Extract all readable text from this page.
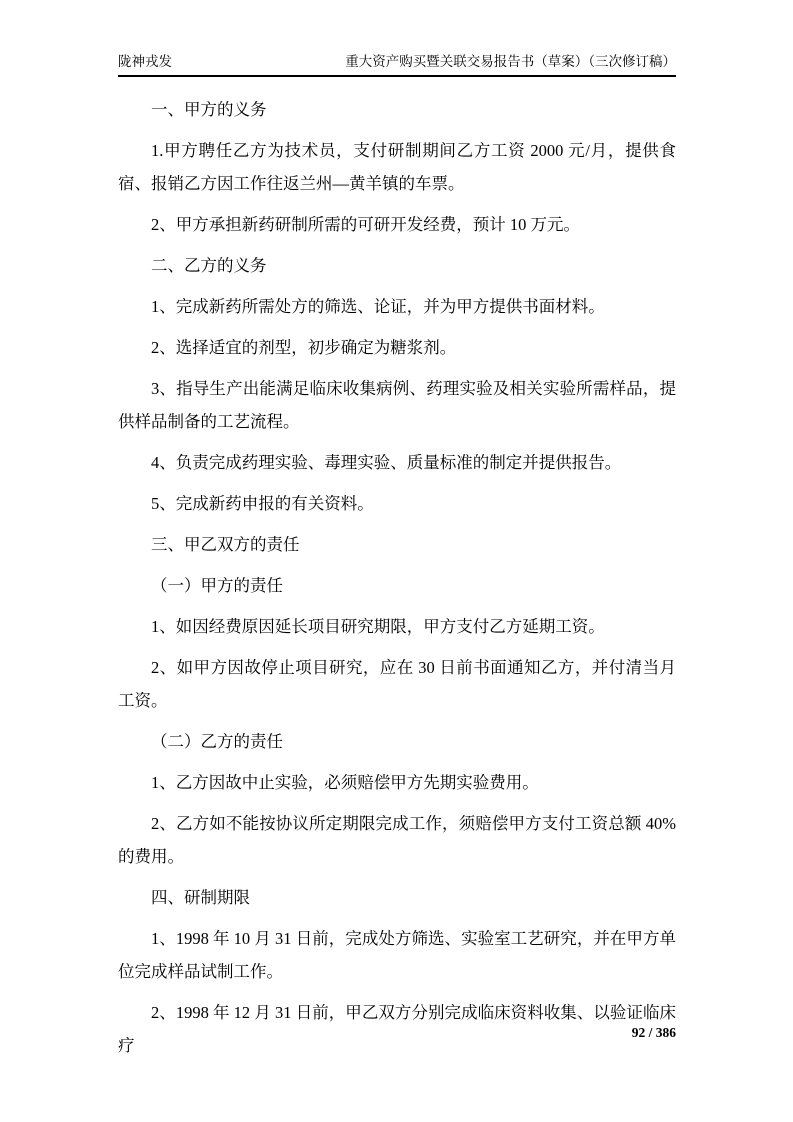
陇神戎发	重大资产购买暨关联交易报告书（草案）（三次修订稿）

一、甲方的义务

1.甲方聘任乙方为技术员，支付研制期间乙方工资 2000 元/月，提供食宿、报销乙方因工作往返兰州—黄羊镇的车票。

2、甲方承担新药研制所需的可研开发经费，预计 10 万元。

二、乙方的义务

1、完成新药所需处方的筛选、论证，并为甲方提供书面材料。

2、选择适宜的剂型，初步确定为糖浆剂。

3、指导生产出能满足临床收集病例、药理实验及相关实验所需样品，提供样品制备的工艺流程。

4、负责完成药理实验、毒理实验、质量标准的制定并提供报告。

5、完成新药申报的有关资料。

三、甲乙双方的责任

（一）甲方的责任

1、如因经费原因延长项目研究期限，甲方支付乙方延期工资。

2、如甲方因故停止项目研究，应在 30 日前书面通知乙方，并付清当月工资。

（二）乙方的责任

1、乙方因故中止实验，必须赔偿甲方先期实验费用。

2、乙方如不能按协议所定期限完成工作，须赔偿甲方支付工资总额 40%的费用。

四、研制期限

1、1998 年 10 月 31 日前，完成处方筛选、实验室工艺研究，并在甲方单位完成样品试制工作。

2、1998 年 12 月 31 日前，甲乙双方分别完成临床资料收集、以验证临床疗

92 / 386
